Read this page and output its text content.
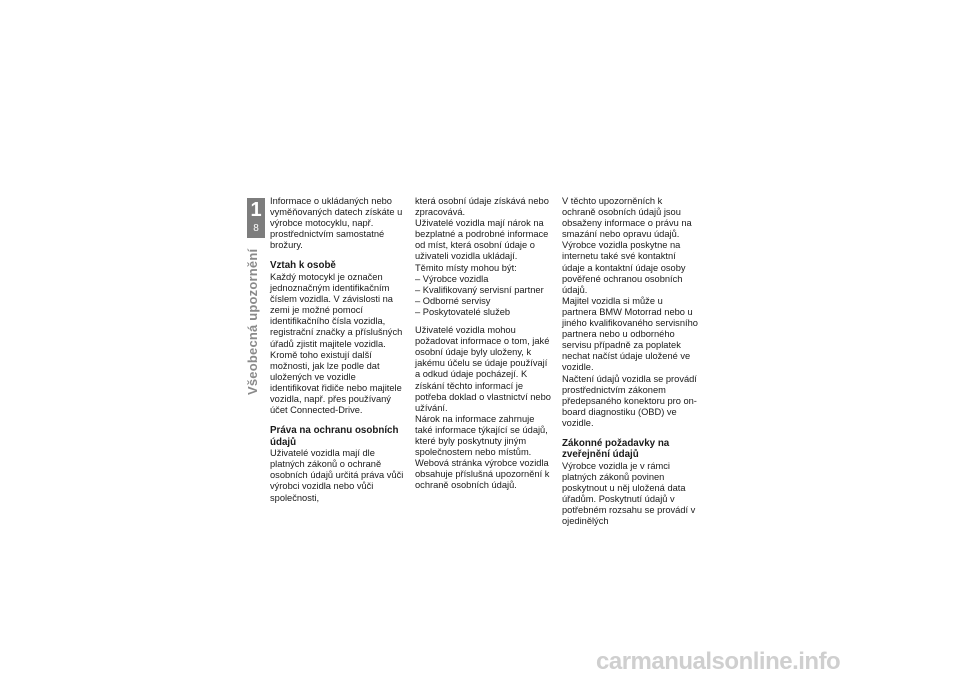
1
8
Všeobecná upozornění

Informace o ukládaných nebo vyměňovaných datech získáte u výrobce motocyklu, např. prostřednictvím samostatné brožury.

Vztah k osobě

Každý motocykl je označen jednoznačným identifikačním číslem vozidla. V závislosti na zemi je možné pomocí identifikačního čísla vozidla, registrační značky a příslušných úřadů zjistit majitele vozidla. Kromě toho existují další možnosti, jak lze podle dat uložených ve vozidle identifikovat řidiče nebo majitele vozidla, např. přes používaný účet Connected-Drive.

Práva na ochranu osobních údajů

Uživatelé vozidla mají dle platných zákonů o ochraně osobních údajů určitá práva vůči výrobci vozidla nebo vůči společnosti,

která osobní údaje získává nebo zpracovává.

Uživatelé vozidla mají nárok na bezplatné a podrobné informace od míst, která osobní údaje o uživateli vozidla ukládají.

Těmito místy mohou být:

– Výrobce vozidla

– Kvalifikovaný servisní partner

– Odborné servisy

– Poskytovatelé služeb

Uživatelé vozidla mohou požadovat informace o tom, jaké osobní údaje byly uloženy, k jakému účelu se údaje používají a odkud údaje pocházejí. K získání těchto informací je potřeba doklad o vlastnictví nebo užívání.

Nárok na informace zahrnuje také informace týkající se údajů, které byly poskytnuty jiným společnostem nebo místům.

Webová stránka výrobce vozidla obsahuje příslušná upozornění k ochraně osobních údajů.

V těchto upozorněních k ochraně osobních údajů jsou obsaženy informace o právu na smazání nebo opravu údajů. Výrobce vozidla poskytne na internetu také své kontaktní údaje a kontaktní údaje osoby pověřené ochranou osobních údajů.

Majitel vozidla si může u partnera BMW Motorrad nebo u jiného kvalifikovaného servisního partnera nebo u odborného servisu případně za poplatek nechat načíst údaje uložené ve vozidle.

Načtení údajů vozidla se provádí prostřednictvím zákonem předepsaného konektoru pro on-board diagnostiku (OBD) ve vozidle.

Zákonné požadavky na zveřejnění údajů

Výrobce vozidla je v rámci platných zákonů povinen poskytnout u něj uložená data úřadům. Poskytnutí údajů v potřebném rozsahu se provádí v ojedinělých

carmanualsonline.info
